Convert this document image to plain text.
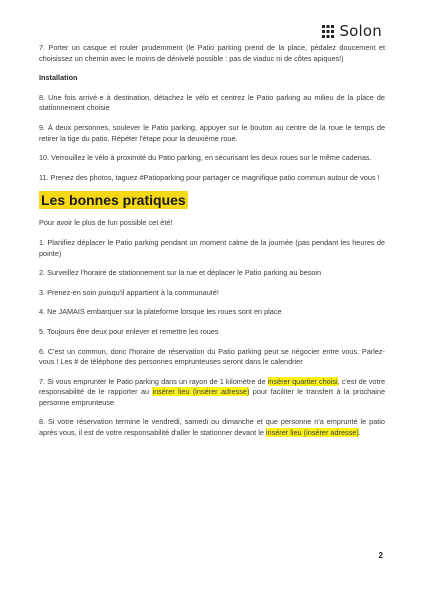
Solon

7. Porter un casque et rouler prudemment (le Patio parking prend de la place, pédalez doucement et choisissez un chemin avec le moins de dénivelé possible : pas de viaduc ni de côtes apiques!)

Installation

8. Une fois arrivé·e à destination, détachez le vélo et centrez le Patio parking au milieu de la place de stationnement choisie

9. À deux personnes, soulever le Patio parking, appuyer sur le bouton au centre de la roue le temps de retirer la tige du patio. Répéter l'étape pour la deuxième roue.

10. Verrouillez le vélo à proximité du Patio parking, en sécurisant les deux roues sur le même cadenas.

11. Prenez des photos, taguez #Patioparking pour partager ce magnifique patio commun autour de vous !

Les bonnes pratiques

Pour avoir le plus de fun possible cet été!

1. Planifiez déplacer le Patio parking pendant un moment calme de la journée (pas pendant les heures de pointe)

2. Surveillez l'horaire de stationnement sur la rue et déplacer le Patio parking au besoin

3. Prenez-en soin puisqu'il appartient à la communauté!

4. Ne JAMAIS embarquer sur la plateforme lorsque les roues sont en place

5. Toujours être deux pour enlever et remettre les roues

6. C'est un commun, donc l'horaire de réservation du Patio parking peut se négocier entre vous. Parlez-vous ! Les # de téléphone des personnes emprunteuses seront dans le calendrier

7. Si vous emprunter le Patio parking dans un rayon de 1 kilomètre de insérer quartier choisi, c'est de votre responsabilité de le rapporter au insérer lieu (insérer adresse) pour faciliter le transfert à la prochaine personne emprunteuse

8. Si votre réservation termine le vendredi, samedi ou dimanche et que personne n'a emprunté le patio après vous, il est de votre responsabilité d'aller le stationner devant le insérer lieu (insérer adresse).

2
